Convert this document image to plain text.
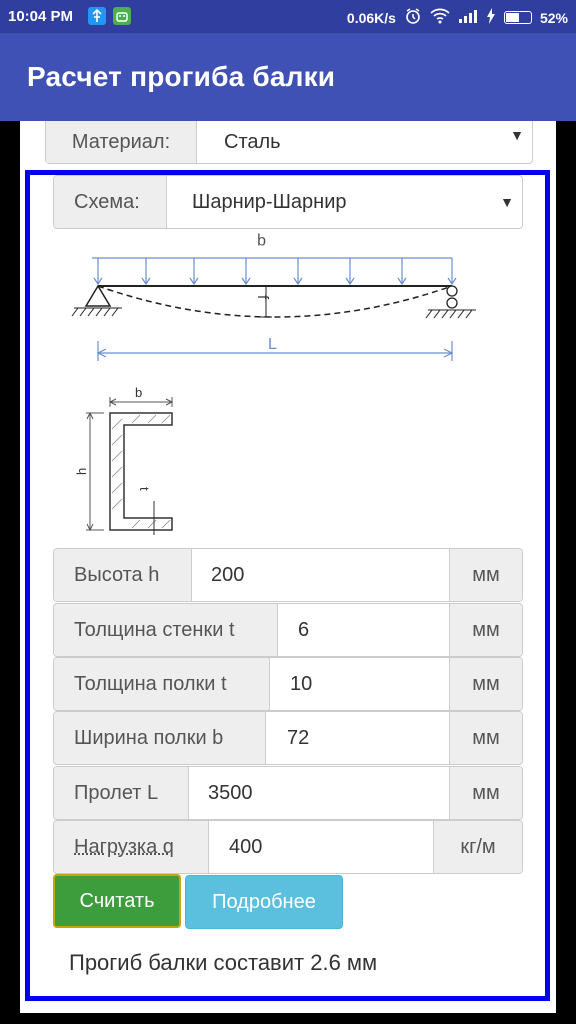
10:04 PM	0.06K/s	52%
Расчет прогиба балки
Материал:	Сталь	▼
Схема:	Шарнир-Шарнир	▼
q
f
L
b
h
t
Высота h	200	мм
Толщина стенки t	6	мм
Толщина полки t	10	мм
Ширина полки b	72	мм
Пролет L	3500	мм
Нагрузка q	400	кг/м
Считать	Подробнее
Прогиб балки составит 2.6 мм
